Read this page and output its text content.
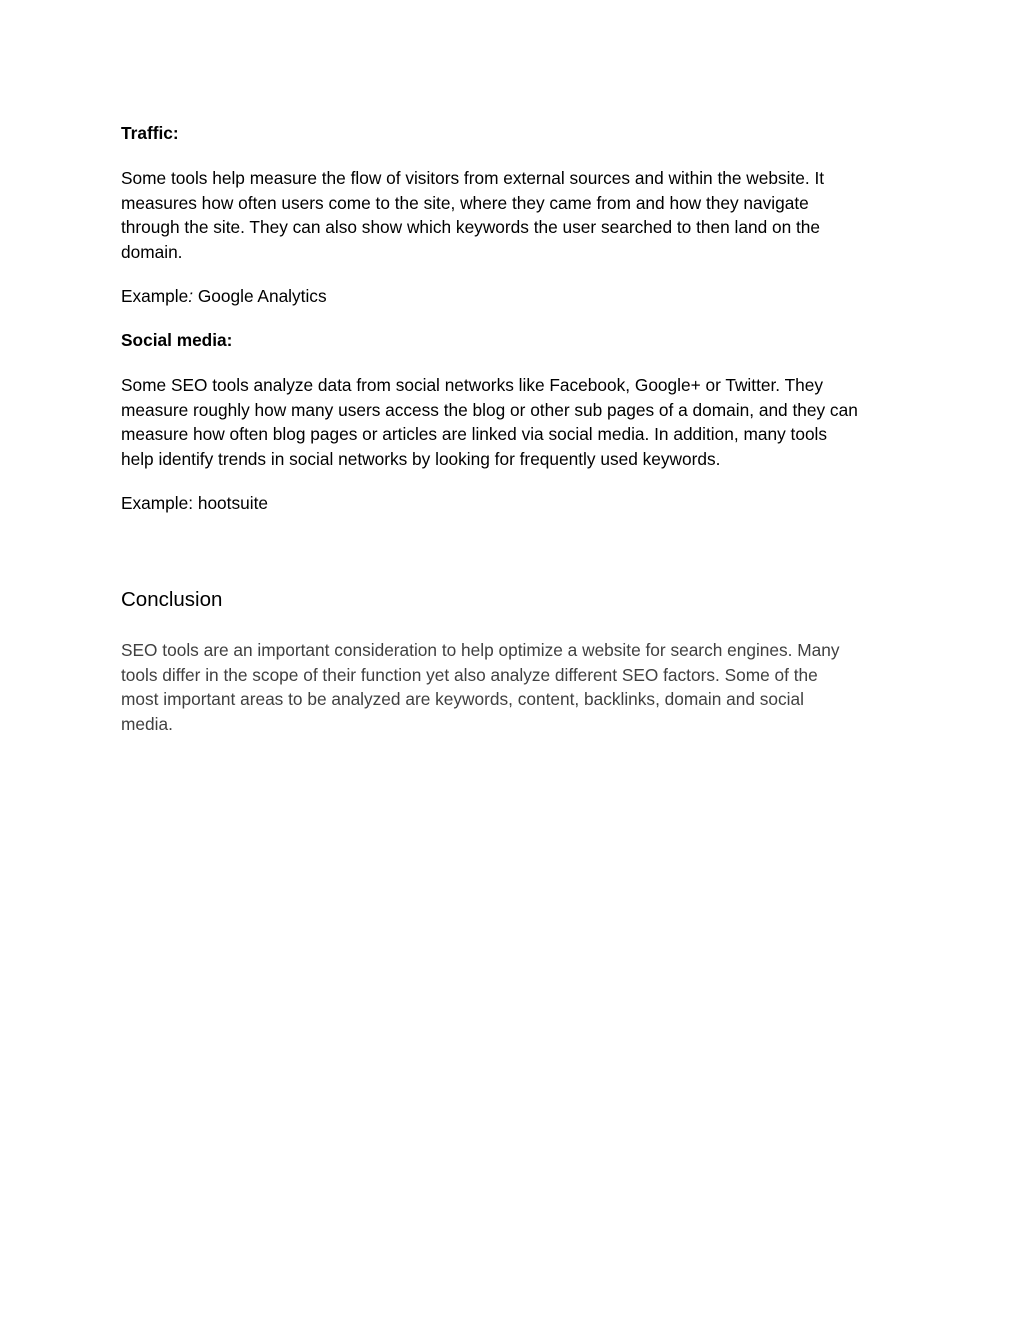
Traffic:
Some tools help measure the flow of visitors from external sources and within the website. It
measures how often users come to the site, where they came from and how they navigate
through the site. They can also show which keywords the user searched to then land on the
domain.
Example: Google Analytics
Social media:
Some SEO tools analyze data from social networks like Facebook, Google+ or Twitter. They
measure roughly how many users access the blog or other sub pages of a domain, and they can
measure how often blog pages or articles are linked via social media. In addition, many tools
help identify trends in social networks by looking for frequently used keywords.
Example: hootsuite
Conclusion
SEO tools are an important consideration to help optimize a website for search engines. Many
tools differ in the scope of their function yet also analyze different SEO factors. Some of the
most important areas to be analyzed are keywords, content, backlinks, domain and social
media.
